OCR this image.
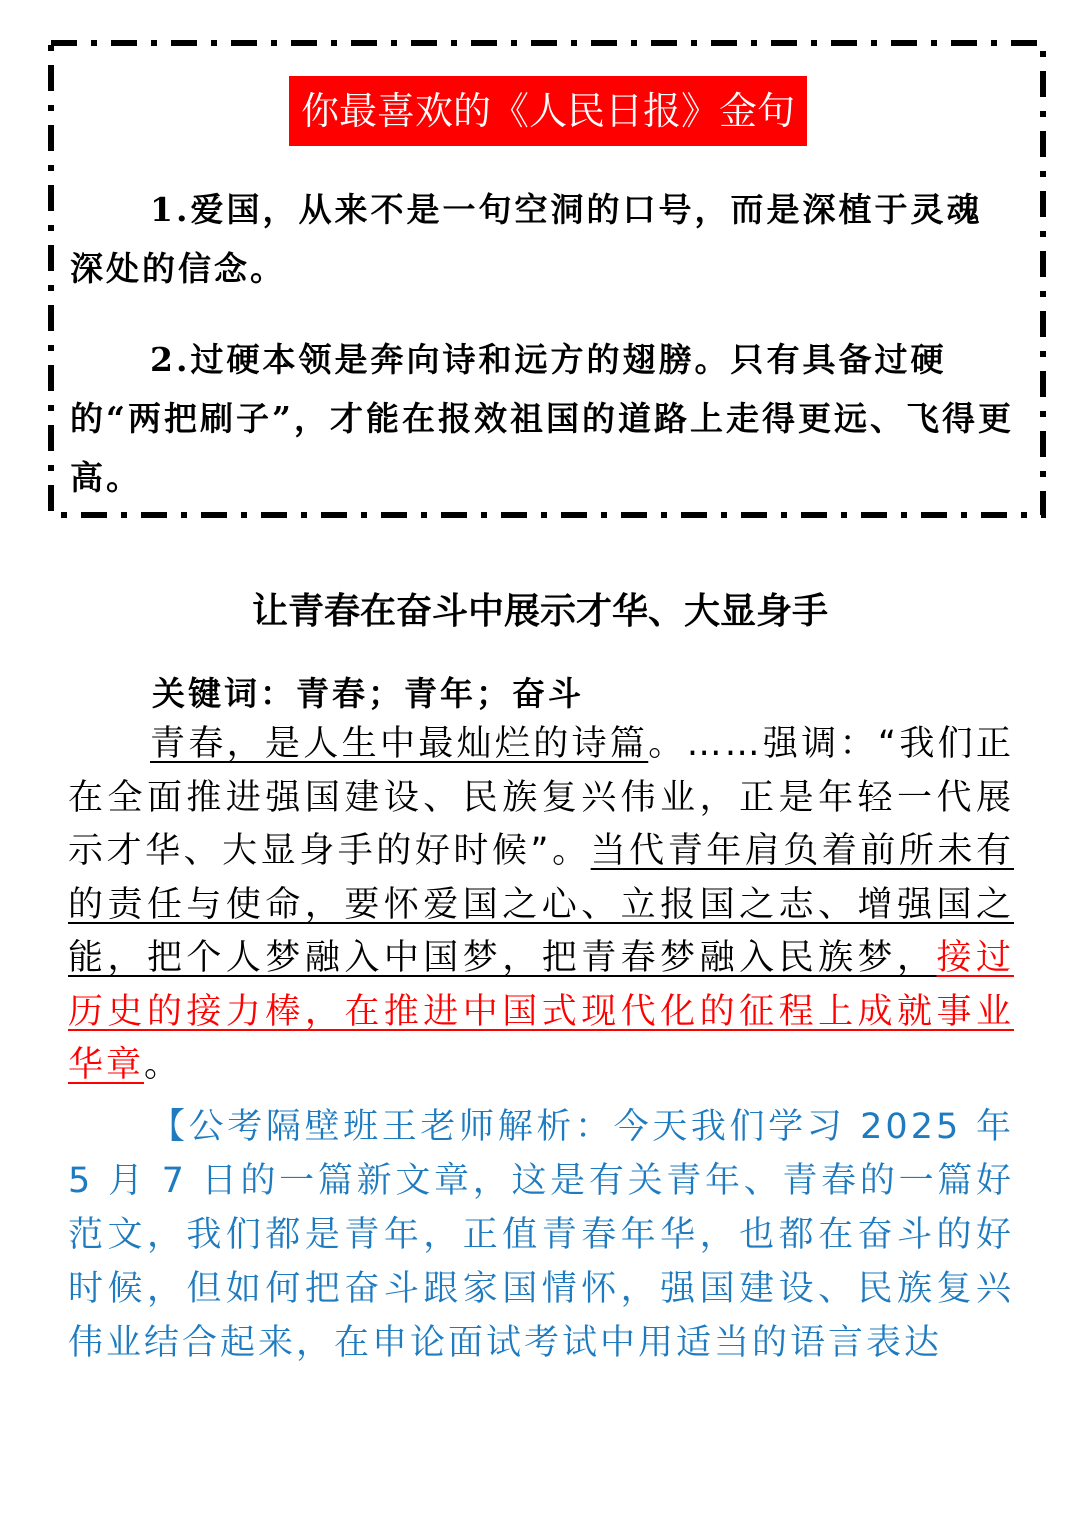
你最喜欢的《人民日报》金句

1.爱国，从来不是一句空洞的口号，而是深植于灵魂深处的信念。

2.过硬本领是奔向诗和远方的翅膀。只有具备过硬的“两把刷子”，才能在报效祖国的道路上走得更远、飞得更高。

让青春在奋斗中展示才华、大显身手

关键词：青春；青年；奋斗

青春，是人生中最灿烂的诗篇。……强调：“我们正在全面推进强国建设、民族复兴伟业，正是年轻一代展示才华、大显身手的好时候”。当代青年肩负着前所未有的责任与使命，要怀爱国之心、立报国之志、增强国之能，把个人梦融入中国梦，把青春梦融入民族梦，接过历史的接力棒，在推进中国式现代化的征程上成就事业华章。

【公考隔壁班王老师解析：今天我们学习 2025 年 5 月 7 日的一篇新文章，这是有关青年、青春的一篇好范文，我们都是青年，正值青春年华，也都在奋斗的好时候，但如何把奋斗跟家国情怀，强国建设、民族复兴伟业结合起来，在申论面试考试中用适当的语言表达
